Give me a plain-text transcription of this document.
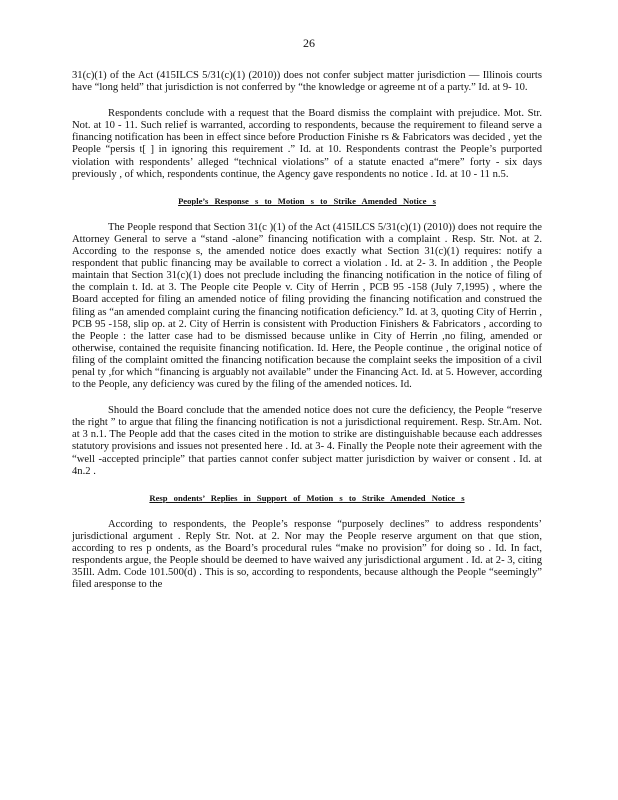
26

31(c)(1) of the Act (415ILCS 5/31(c)(1) (2010)) does not confer subject matter jurisdiction — Illinois courts have “long held” that jurisdiction is not conferred by “the knowledge or agreeme nt of a party.” Id. at 9- 10.

Respondents conclude with a request that the Board dismiss the complaint with prejudice. Mot. Str. Not. at 10 - 11. Such relief is warranted, according to respondents, because the requirement to fileand serve a financing notification has been in effect since before Production Finishe rs & Fabricators was decided , yet the People “persis t[ ] in ignoring this requirement .” Id. at 10. Respondents contrast the People’s purported violation with respondents’ alleged “technical violations” of a statute enacted a“mere” forty - six days previously , of which, respondents continue, the Agency gave respondents no notice . Id. at 10 - 11 n.5.

People’s Response s to Motion s to Strike Amended Notice s

The People respond that Section 31(c )(1) of the Act (415ILCS 5/31(c)(1) (2010)) does not require the Attorney General to serve a “stand -alone” financing notification with a complaint . Resp. Str. Not. at 2. According to the response s, the amended notice does exactly what Section 31(c)(1) requires: notify a respondent that public financing may be available to correct a violation . Id. at 2- 3. In addition , the People maintain that Section 31(c)(1) does not preclude including the financing notification in the notice of filing of the complain t. Id. at 3. The People cite People v. City of Herrin , PCB 95 -158 (July 7,1995) , where the Board accepted for filing an amended notice of filing providing the financing notification and construed the filing as “an amended complaint curing the financing notification deficiency.” Id. at 3, quoting City of Herrin , PCB 95 -158, slip op. at 2. City of Herrin is consistent with Production Finishers & Fabricators , according to the People : the latter case had to be dismissed because unlike in City of Herrin ,no filing, amended or otherwise, contained the requisite financing notification. Id. Here, the People continue , the original notice of filing of the complaint omitted the financing notification because the complaint seeks the imposition of a civil penal ty ,for which “financing is arguably not available” under the Financing Act. Id. at 5. However, according to the People, any deficiency was cured by the filing of the amended notices. Id.

Should the Board conclude that the amended notice does not cure the deficiency, the People “reserve the right ” to argue that filing the financing notification is not a jurisdictional requirement. Resp. Str.Am. Not. at 3 n.1. The People add that the cases cited in the motion to strike are distinguishable because each addresses statutory provisions and issues not presented here . Id. at 3- 4. Finally the People note their agreement with the “well -accepted principle” that parties cannot confer subject matter jurisdiction by waiver or consent . Id. at 4n.2 .

Resp ondents’ Replies in Support of Motion s to Strike Amended Notice s

According to respondents, the People’s response “purposely declines” to address respondents’ jurisdictional argument . Reply Str. Not. at 2. Nor may the People reserve argument on that que stion, according to res p ondents, as the Board’s procedural rules “make no provision” for doing so . Id. In fact, respondents argue, the People should be deemed to have waived any jurisdictional argument . Id. at 2- 3, citing 35Ill. Adm. Code 101.500(d) . This is so, according to respondents, because although the People “seemingly” filed aresponse to the
